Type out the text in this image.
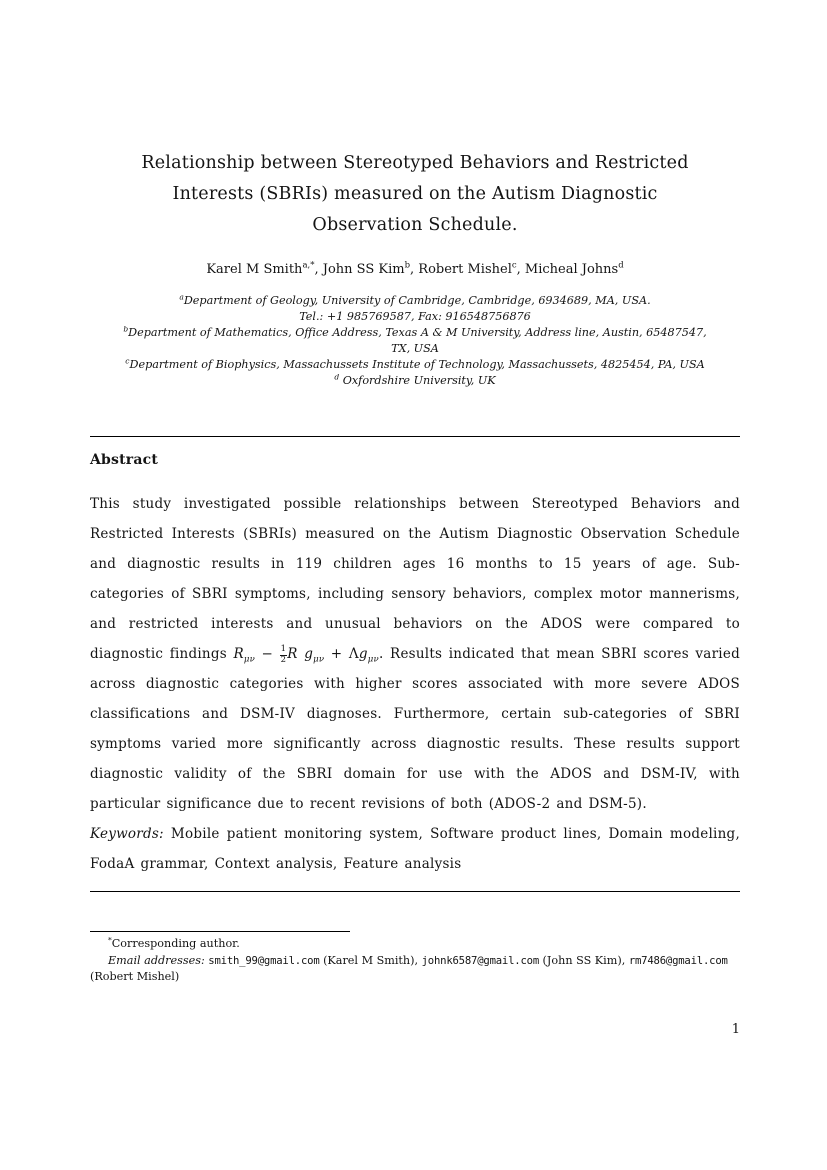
Relationship between Stereotyped Behaviors and Restricted
Interests (SBRIs) measured on the Autism Diagnostic
Observation Schedule.
Karel M Smith$^{a,*}$, John SS Kim$^b$, Robert Mishel$^c$, Micheal Johns$^d$
$^a$Department of Geology, University of Cambridge, Cambridge, 6934689, MA, USA.
Tel.: +1 985769587, Fax: 916548756876
$^b$Department of Mathematics, Office Address, Texas A & M University, Address line, Austin, 65487547,
TX, USA
$^c$Department of Biophysics, Massachussets Institute of Technology, Massachussets, 4825454, PA, USA
$^d$ Oxfordshire University, UK
Abstract

This study investigated possible relationships between Stereotyped Behaviors and Restricted Interests (SBRIs) measured on the Autism Diagnostic Observation Schedule and diagnostic results in 119 children ages 16 months to 15 years of age. Sub-categories of SBRI symptoms, including sensory behaviors, complex motor mannerisms, and restricted interests and unusual behaviors on the ADOS were compared to diagnostic findings $R_{\mu\nu} - \frac{1}{2}$ R $g_{\mu\nu} + \Lambda g_{\mu\nu}$. Results indicated that mean SBRI scores varied across diagnostic categories with higher scores associated with more severe ADOS classifications and DSM-IV diagnoses. Furthermore, certain sub-categories of SBRI symptoms varied more significantly across diagnostic results. These results support diagnostic validity of the SBRI domain for use with the ADOS and DSM-IV, with particular significance due to recent revisions of both (ADOS-2 and DSM-5).

Keywords: Mobile patient monitoring system, Software product lines, Domain modeling, FodaA grammar, Context analysis, Feature analysis

*Corresponding author.

Email addresses: smith_99@gmail.com (Karel M Smith), johnk6587@gmail.com (John SS Kim), rm7486@gmail.com (Robert Mishel)

1
